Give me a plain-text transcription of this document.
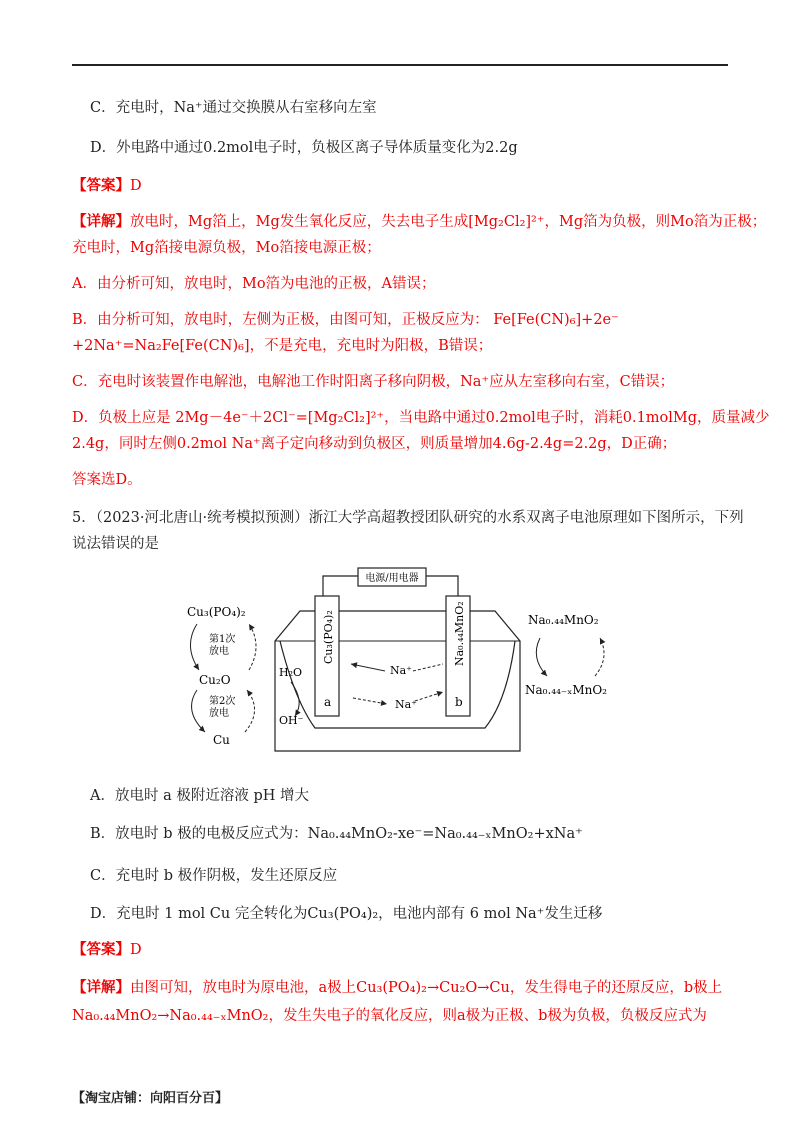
C．充电时，Na⁺通过交换膜从右室移向左室
D．外电路中通过0.2mol电子时，负极区离子导体质量变化为2.2g
【答案】D
【详解】放电时，Mg箔上，Mg发生氧化反应，失去电子生成[Mg₂Cl₂]²⁺，Mg箔为负极，则Mo箔为正极；
充电时，Mg箔接电源负极，Mo箔接电源正极；
A．由分析可知，放电时，Mo箔为电池的正极，A错误；
B．由分析可知，放电时，左侧为正极，由图可知，正极反应为： Fe[Fe(CN)₆]+2e⁻
+2Na⁺=Na₂Fe[Fe(CN)₆]，不是充电，充电时为阳极，B错误；
C．充电时该装置作电解池，电解池工作时阳离子移向阴极，Na⁺应从左室移向右室，C错误；
D．负极上应是 2Mg－4e⁻＋2Cl⁻=[Mg₂Cl₂]²⁺，当电路中通过0.2mol电子时，消耗0.1molMg，质量减少
2.4g，同时左侧0.2mol Na⁺离子定向移动到负极区，则质量增加4.6g-2.4g=2.2g，D正确；
答案选D。
5．（2023·河北唐山·统考模拟预测）浙江大学高超教授团队研究的水系双离子电池原理如下图所示，下列
说法错误的是
电源/用电器
Cu₃(PO₄)₂	Na₀.₄₄MnO₂
a	b
H₂O
OH⁻
Na⁺
Na⁺
Cu₃(PO₄)₂
Cu₂O
Cu
第1次
放电
第2次
放电
Na₀.₄₄MnO₂
Na₀.₄₄₋ₓMnO₂
A．放电时 a 极附近溶液 pH 增大
B．放电时 b 极的电极反应式为：Na₀.₄₄MnO₂-xe⁻=Na₀.₄₄₋ₓMnO₂+xNa⁺
C．充电时 b 极作阴极，发生还原反应
D．充电时 1 mol Cu 完全转化为Cu₃(PO₄)₂，电池内部有 6 mol Na⁺发生迁移
【答案】D
【详解】由图可知，放电时为原电池，a极上Cu₃(PO₄)₂→Cu₂O→Cu，发生得电子的还原反应，b极上
Na₀.₄₄MnO₂→Na₀.₄₄₋ₓMnO₂，发生失电子的氧化反应，则a极为正极、b极为负极，负极反应式为
【淘宝店铺：向阳百分百】
